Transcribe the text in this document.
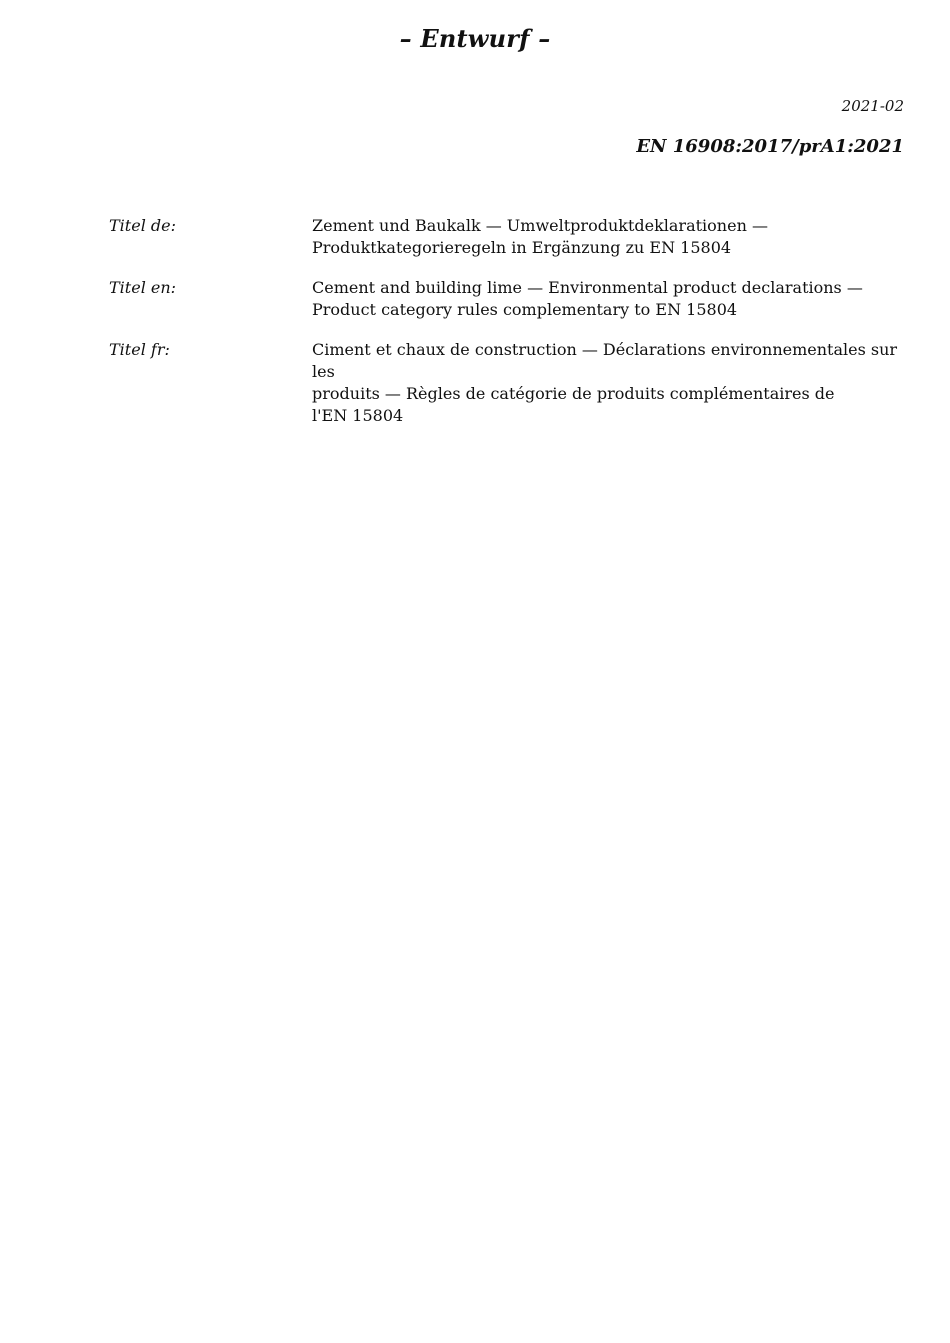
– Entwurf –
2021-02
EN 16908:2017/prA1:2021
Titel de:	Zement und Baukalk — Umweltproduktdeklarationen —
Produktkategorieregeln in Ergänzung zu EN 15804
Titel en:	Cement and building lime — Environmental product declarations —
Product category rules complementary to EN 15804
Titel fr:	Ciment et chaux de construction — Déclarations environnementales sur les
produits — Règles de catégorie de produits complémentaires de
l'EN 15804
